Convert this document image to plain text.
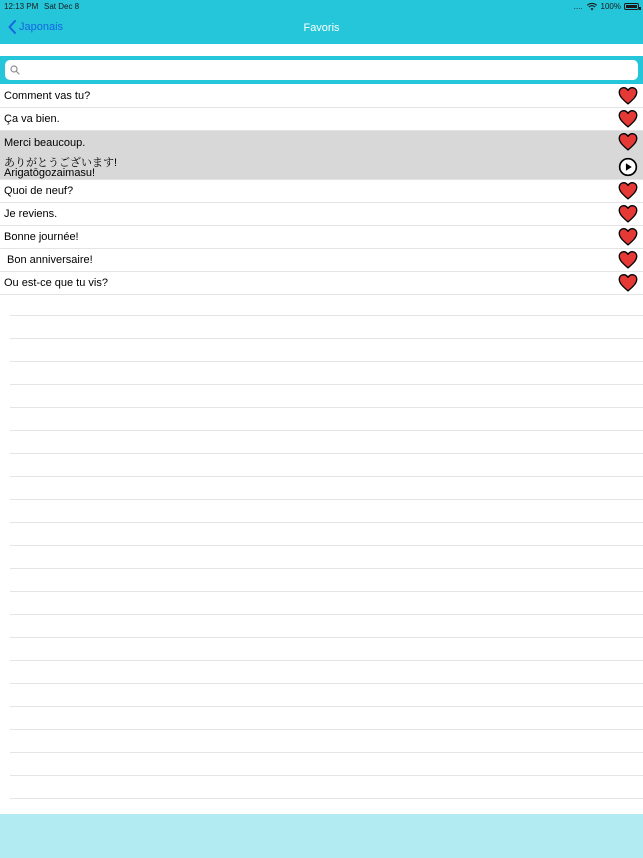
12:13 PM Sat Dec 8	.... 100%
Japonais	Favoris
Comment vas tu?
Ça va bien.
Merci beaucoup.
ありがとうございます!
Arigatōgozaimasu!
Quoi de neuf?
Je reviens.
Bonne journée!
Bon anniversaire!
Ou est-ce que tu vis?
